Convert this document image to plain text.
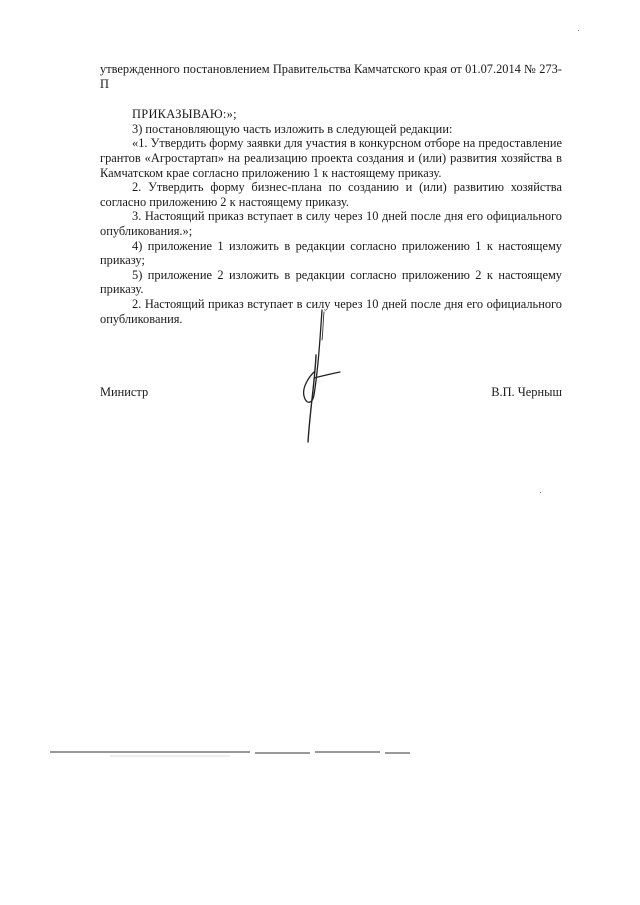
утвержденного постановлением Правительства Камчатского края от 01.07.2014 № 273-П

ПРИКАЗЫВАЮ:»;

3) постановляющую часть изложить в следующей редакции:

«1. Утвердить форму заявки для участия в конкурсном отборе на предоставление грантов «Агростартап» на реализацию проекта создания и (или) развития хозяйства в Камчатском крае согласно приложению 1 к настоящему приказу.

2. Утвердить форму бизнес-плана по созданию и (или) развитию хозяйства согласно приложению 2 к настоящему приказу.

3. Настоящий приказ вступает в силу через 10 дней после дня его официального опубликования.»;

4) приложение 1 изложить в редакции согласно приложению 1 к настоящему приказу;

5) приложение 2 изложить в редакции согласно приложению 2 к настоящему приказу.

2. Настоящий приказ вступает в силу через 10 дней после дня его официального опубликования.

Министр	В.П. Черныш
